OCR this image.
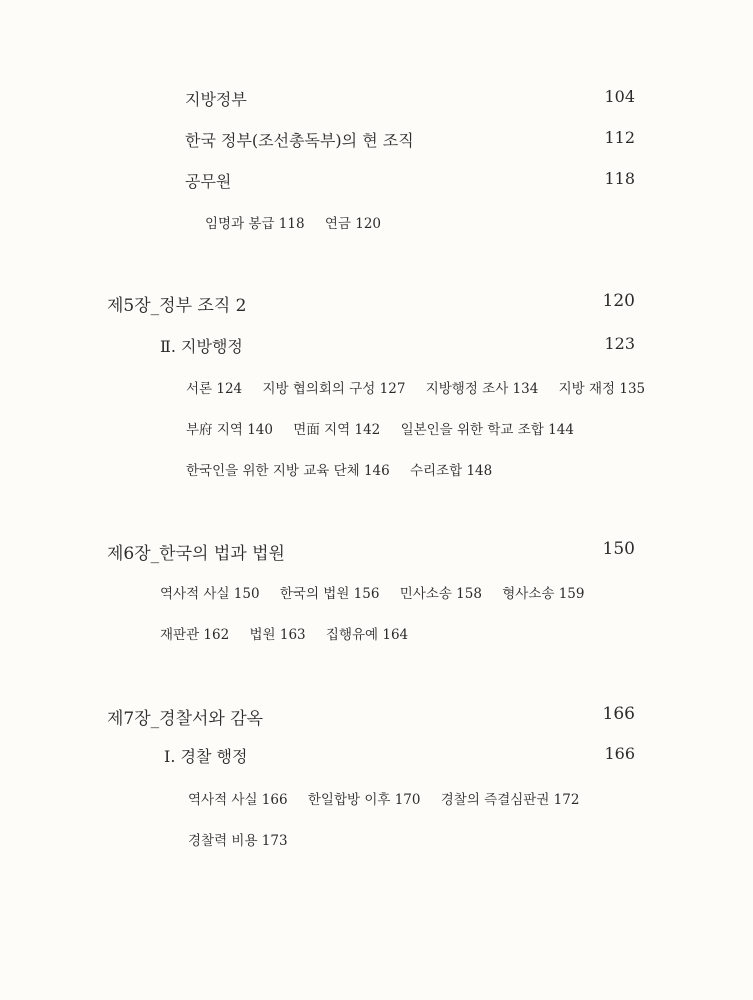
지방정부	104
한국 정부(조선총독부)의 현 조직	112
공무원	118
임명과 봉급 118 연금 120
제5장_정부 조직 2	120
Ⅱ. 지방행정	123
서론 124 지방 협의회의 구성 127 지방행정 조사 134 지방 재정 135
부府 지역 140 면面 지역 142 일본인을 위한 학교 조합 144
한국인을 위한 지방 교육 단체 146 수리조합 148
제6장_한국의 법과 법원	150
역사적 사실 150 한국의 법원 156 민사소송 158 형사소송 159
재판관 162 법원 163 집행유예 164
제7장_경찰서와 감옥	166
Ⅰ. 경찰 행정	166
역사적 사실 166 한일합방 이후 170 경찰의 즉결심판권 172
경찰력 비용 173
